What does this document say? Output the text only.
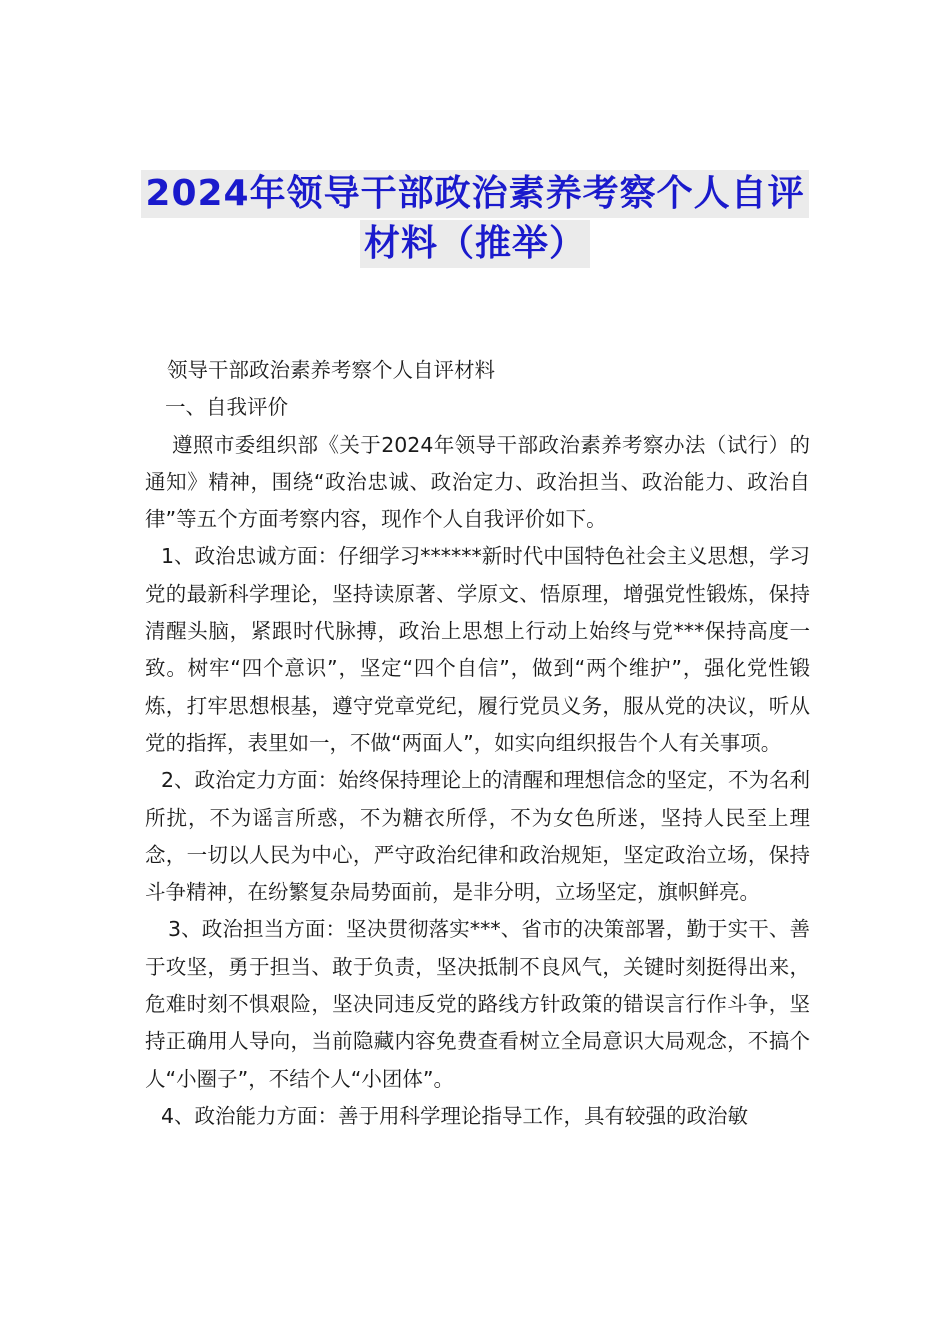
2024年领导干部政治素养考察个人自评
材料（推举）

领导干部政治素养考察个人自评材料

一、自我评价

遵照市委组织部《关于2024年领导干部政治素养考察办法（试行）的通知》精神，围绕“政治忠诚、政治定力、政治担当、政治能力、政治自律”等五个方面考察内容，现作个人自我评价如下。

1、政治忠诚方面：仔细学习******新时代中国特色社会主义思想，学习党的最新科学理论，坚持读原著、学原文、悟原理，增强党性锻炼，保持清醒头脑，紧跟时代脉搏，政治上思想上行动上始终与党***保持高度一致。树牢“四个意识”，坚定“四个自信”，做到“两个维护”，强化党性锻炼，打牢思想根基，遵守党章党纪，履行党员义务，服从党的决议，听从党的指挥，表里如一，不做“两面人”，如实向组织报告个人有关事项。

2、政治定力方面：始终保持理论上的清醒和理想信念的坚定，不为名利所扰，不为谣言所惑，不为糖衣所俘，不为女色所迷，坚持人民至上理念，一切以人民为中心，严守政治纪律和政治规矩，坚定政治立场，保持斗争精神，在纷繁复杂局势面前，是非分明，立场坚定，旗帜鲜亮。

3、政治担当方面：坚决贯彻落实***、省市的决策部署，勤于实干、善于攻坚，勇于担当、敢于负责，坚决抵制不良风气，关键时刻挺得出来，危难时刻不惧艰险，坚决同违反党的路线方针政策的错误言行作斗争，坚持正确用人导向，当前隐藏内容免费查看树立全局意识大局观念，不搞个人“小圈子”，不结个人“小团体”。

4、政治能力方面：善于用科学理论指导工作，具有较强的政治敏
